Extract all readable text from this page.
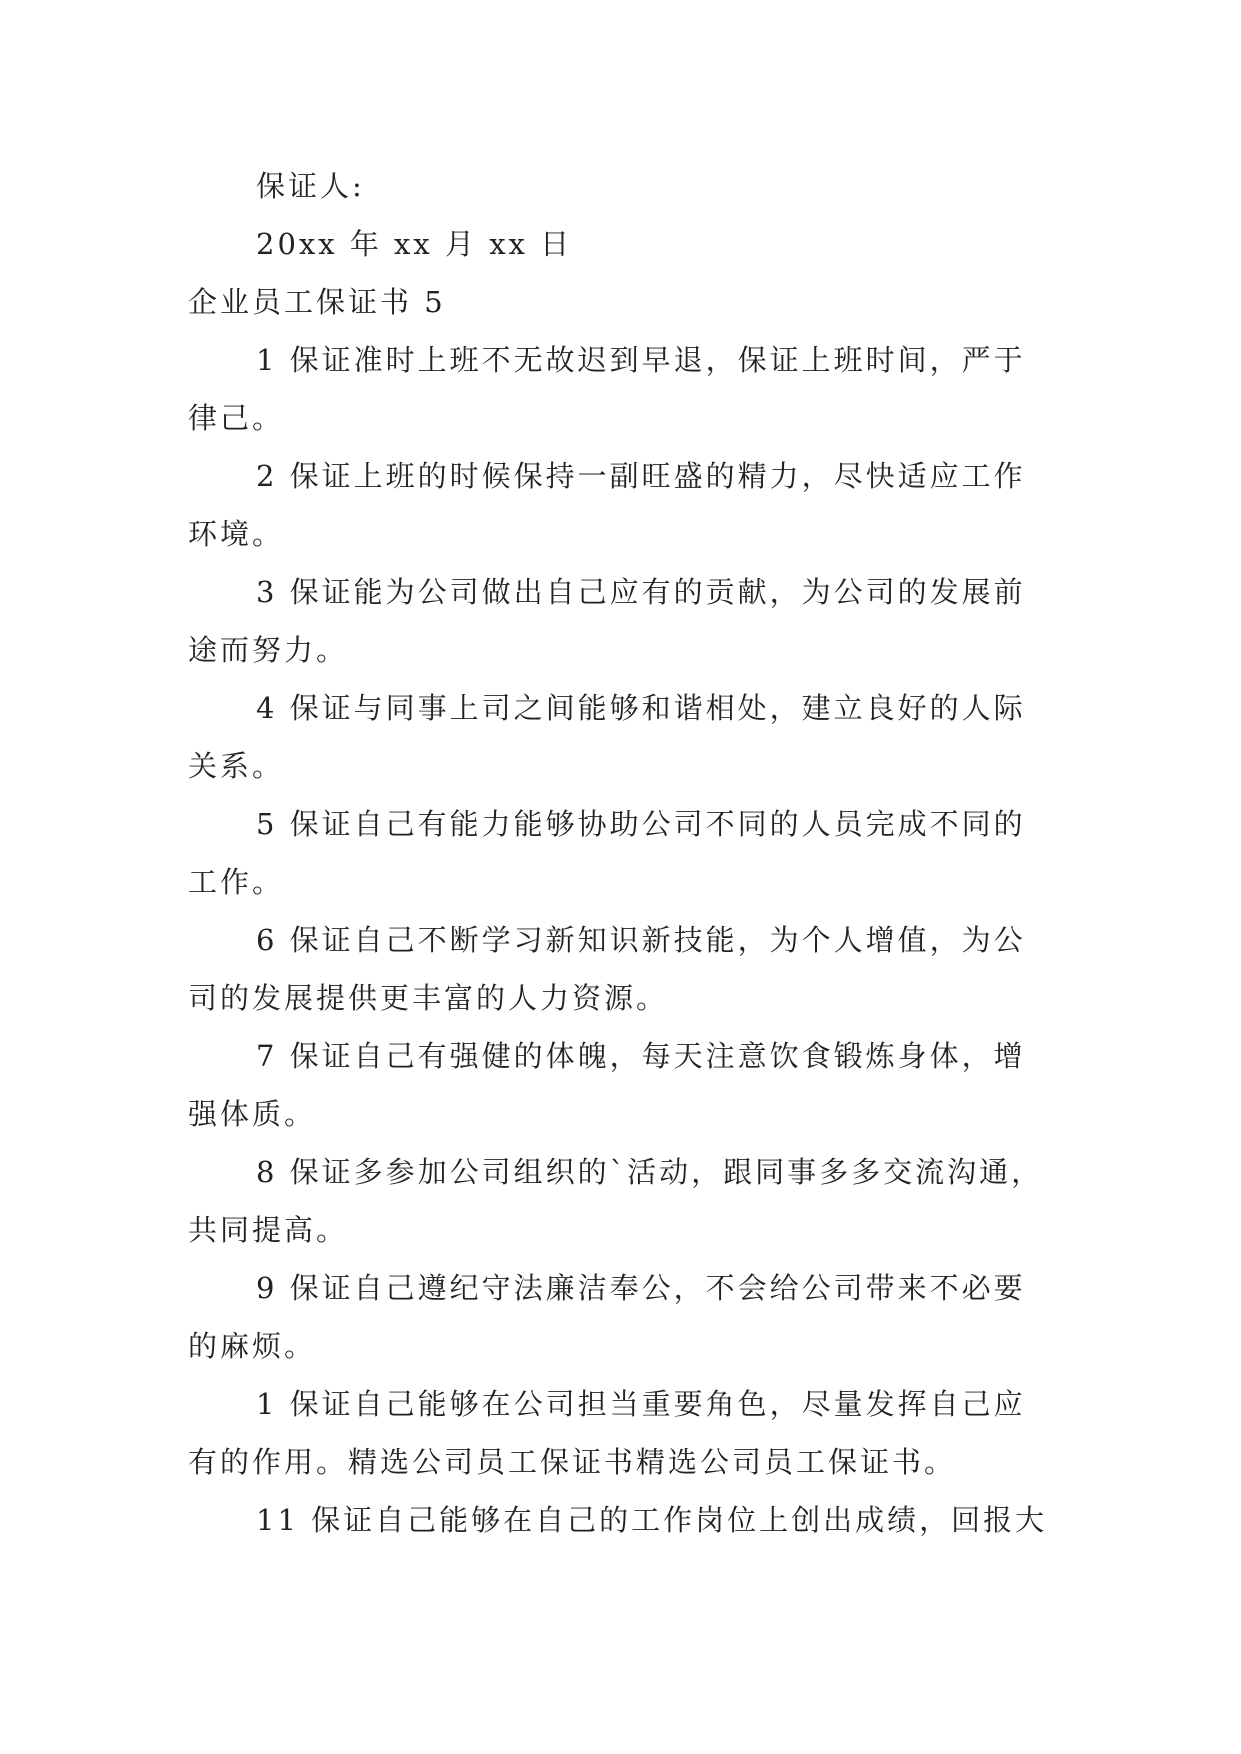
保证人:
20xx 年 xx 月 xx 日
企业员工保证书 5
1 保证准时上班不无故迟到早退，保证上班时间，严于
律己。
2 保证上班的时候保持一副旺盛的精力，尽快适应工作
环境。
3 保证能为公司做出自己应有的贡献，为公司的发展前
途而努力。
4 保证与同事上司之间能够和谐相处，建立良好的人际
关系。
5 保证自己有能力能够协助公司不同的人员完成不同的
工作。
6 保证自己不断学习新知识新技能，为个人增值，为公
司的发展提供更丰富的人力资源。
7 保证自己有强健的体魄，每天注意饮食锻炼身体，增
强体质。
8 保证多参加公司组织的`活动，跟同事多多交流沟通，
共同提高。
9 保证自己遵纪守法廉洁奉公，不会给公司带来不必要
的麻烦。
1 保证自己能够在公司担当重要角色，尽量发挥自己应
有的作用。精选公司员工保证书精选公司员工保证书。
11 保证自己能够在自己的工作岗位上创出成绩，回报大
